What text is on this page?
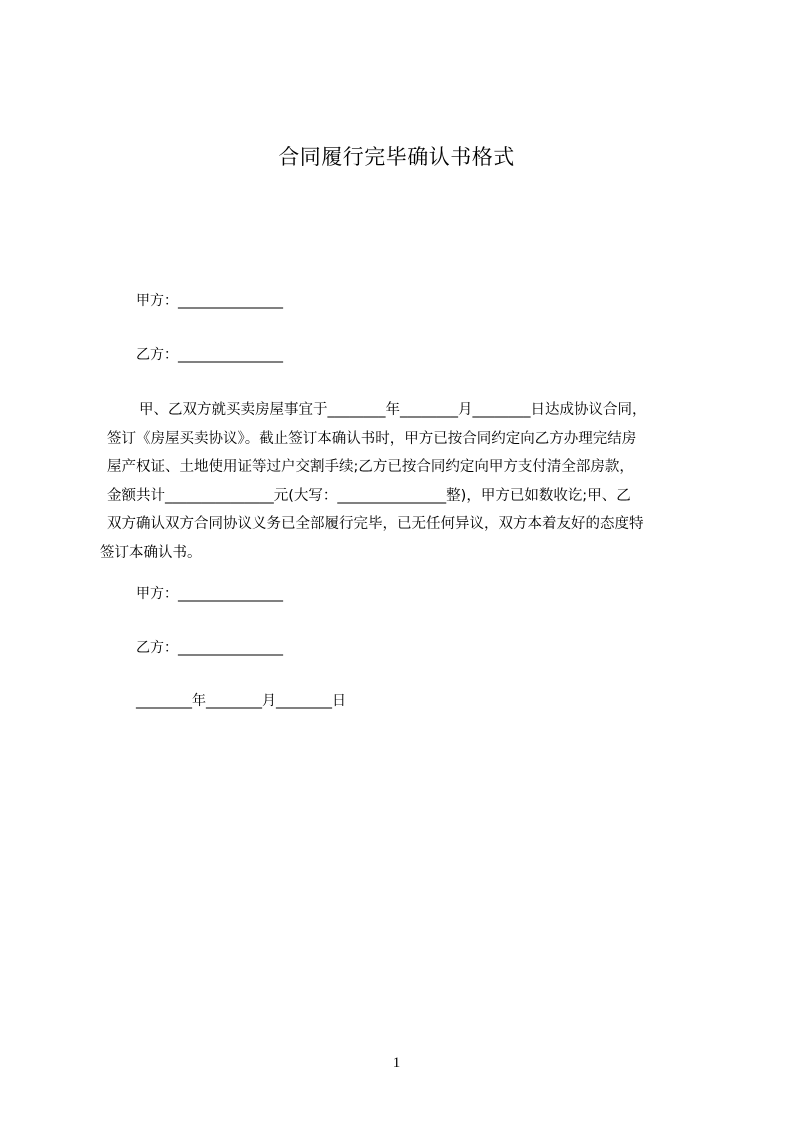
合同履行完毕确认书格式
甲方：_______________
乙方：_______________
甲、乙双方就买卖房屋事宜于________年________月________日达成协议合同，
签订《房屋买卖协议》。截止签订本确认书时，甲方已按合同约定向乙方办理完结房
屋产权证、土地使用证等过户交割手续;乙方已按合同约定向甲方支付清全部房款，
金额共计_______________元(大写：_______________整)，甲方已如数收讫;甲、乙
双方确认双方合同协议义务已全部履行完毕，已无任何异议，双方本着友好的态度特
签订本确认书。
甲方：_______________
乙方：_______________
________年________月________日
1
